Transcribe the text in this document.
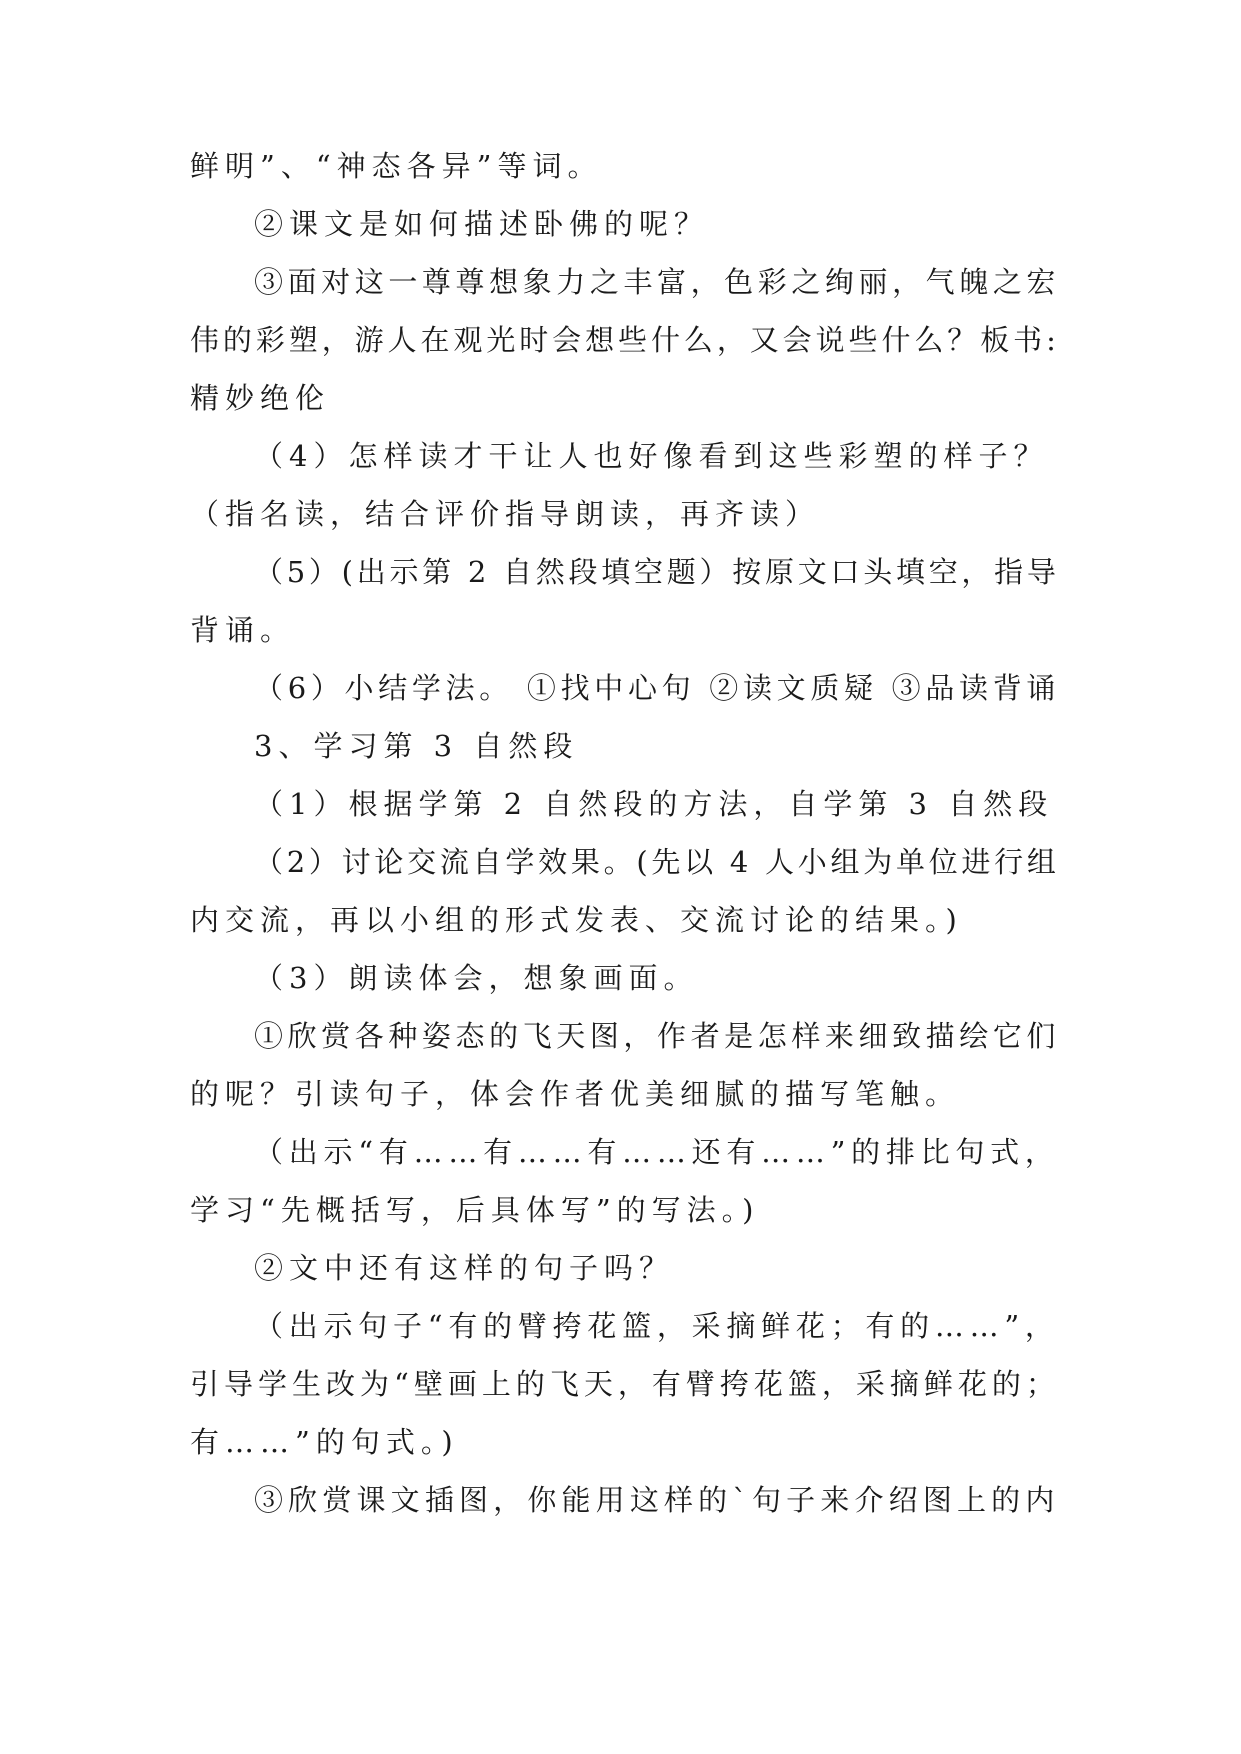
鲜明”、“神态各异”等词。
②课文是如何描述卧佛的呢？
③面对这一尊尊想象力之丰富，色彩之绚丽，气魄之宏
伟的彩塑，游人在观光时会想些什么，又会说些什么？板书:
精妙绝伦
（4）怎样读才干让人也好像看到这些彩塑的样子？
（指名读，结合评价指导朗读，再齐读）
（5）(出示第 2 自然段填空题）按原文口头填空，指导
背诵。
（6）小结学法。 ①找中心句 ②读文质疑 ③品读背诵
3、学习第 3 自然段
（1）根据学第 2 自然段的方法，自学第 3 自然段
（2）讨论交流自学效果。(先以 4 人小组为单位进行组
内交流，再以小组的形式发表、交流讨论的结果。)
（3）朗读体会，想象画面。
①欣赏各种姿态的飞天图，作者是怎样来细致描绘它们
的呢？引读句子，体会作者优美细腻的描写笔触。
（出示“有……有……有……还有……”的排比句式，
学习“先概括写，后具体写”的写法。)
②文中还有这样的句子吗？
（出示句子“有的臂挎花篮，采摘鲜花；有的……”，
引导学生改为“壁画上的飞天，有臂挎花篮，采摘鲜花的；
有……”的句式。)
③欣赏课文插图，你能用这样的`句子来介绍图上的内
